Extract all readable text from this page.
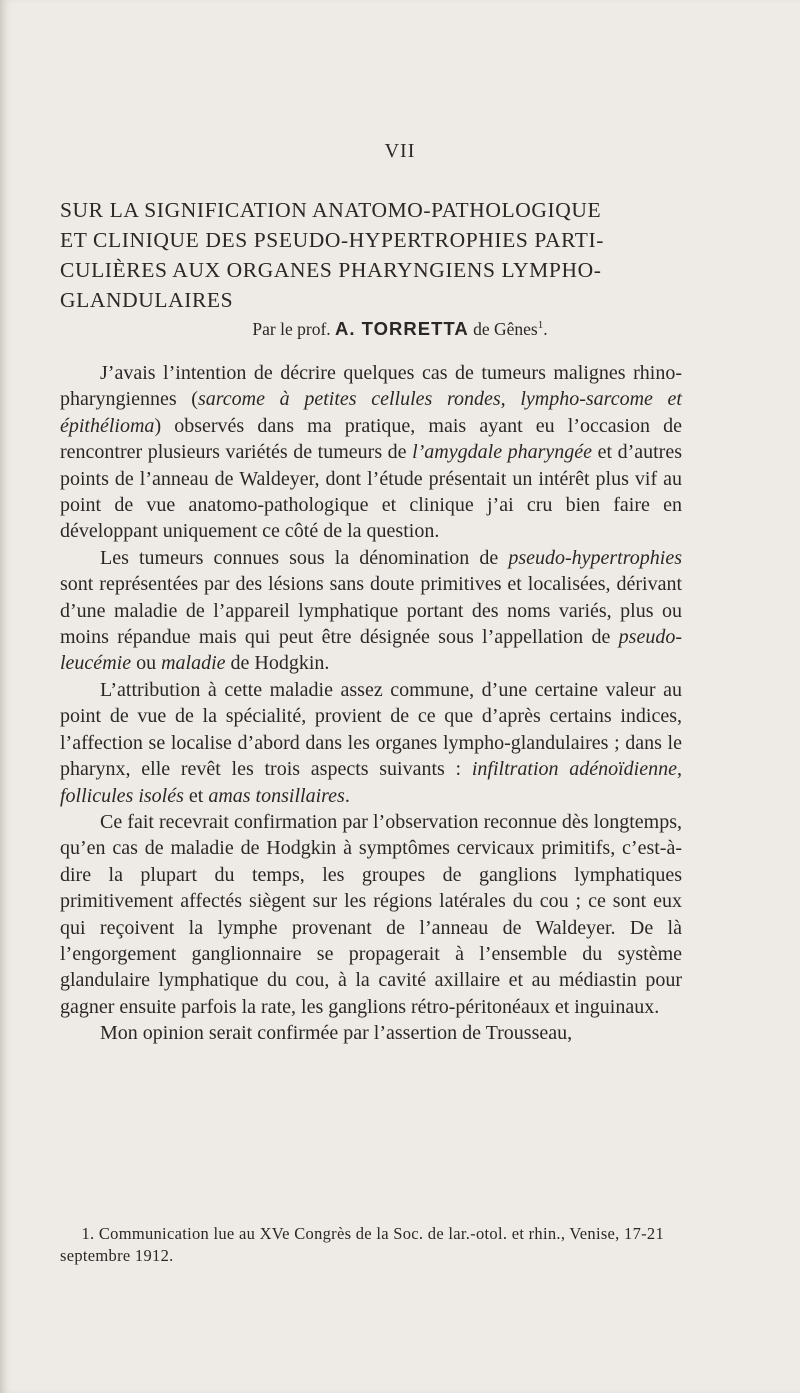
VII
SUR LA SIGNIFICATION ANATOMO-PATHOLOGIQUE
ET CLINIQUE DES PSEUDO-HYPERTROPHIES PARTI-
CULIÈRES AUX ORGANES PHARYNGIENS LYMPHO-
GLANDULAIRES
Par le prof. A. TORRETTA de Gênes$^1$.

J’avais l’intention de décrire quelques cas de tumeurs malignes rhino-pharyngiennes (sarcome à petites cellules rondes, lympho-sarcome et épithélioma) observés dans ma pratique, mais ayant eu l’occasion de rencontrer plusieurs variétés de tumeurs de l’amygdale pharyngée et d’autres points de l’anneau de Waldeyer, dont l’étude présentait un intérêt plus vif au point de vue anatomo-pathologique et clinique j’ai cru bien faire en développant uniquement ce côté de la question.

Les tumeurs connues sous la dénomination de pseudo-hypertrophies sont représentées par des lésions sans doute primitives et localisées, dérivant d’une maladie de l’appareil lymphatique portant des noms variés, plus ou moins répandue mais qui peut être désignée sous l’appellation de pseudo-leucémie ou maladie de Hodgkin.

L’attribution à cette maladie assez commune, d’une certaine valeur au point de vue de la spécialité, provient de ce que d’après certains indices, l’affection se localise d’abord dans les organes lympho-glandulaires ; dans le pharynx, elle revêt les trois aspects suivants : infiltration adénoïdienne, follicules isolés et amas tonsillaires.

Ce fait recevrait confirmation par l’observation reconnue dès longtemps, qu’en cas de maladie de Hodgkin à symptômes cervicaux primitifs, c’est-à-dire la plupart du temps, les groupes de ganglions lymphatiques primitivement affectés siègent sur les régions latérales du cou ; ce sont eux qui reçoivent la lymphe provenant de l’anneau de Waldeyer. De là l’engorgement ganglionnaire se propagerait à l’ensemble du système glandulaire lymphatique du cou, à la cavité axillaire et au médiastin pour gagner ensuite parfois la rate, les ganglions rétro-péritonéaux et inguinaux.

Mon opinion serait confirmée par l’assertion de Trousseau,

1. Communication lue au XVe Congrès de la Soc. de lar.-otol. et rhin., Venise, 17-21 septembre 1912.
